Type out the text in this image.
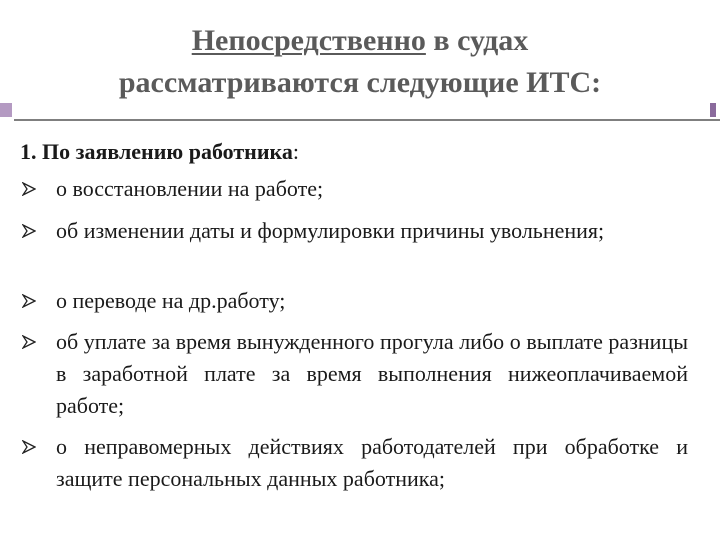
Непосредственно в судах
рассматриваются следующие ИТС:
1. По заявлению работника:
о восстановлении на работе;
об изменении даты и формулировки причины увольнения;
о переводе на др.работу;
об уплате за время вынужденного прогула либо о выплате разницы в заработной плате за время выполнения нижеоплачиваемой работе;
о неправомерных действиях работодателей при обработке и защите персональных данных работника;
